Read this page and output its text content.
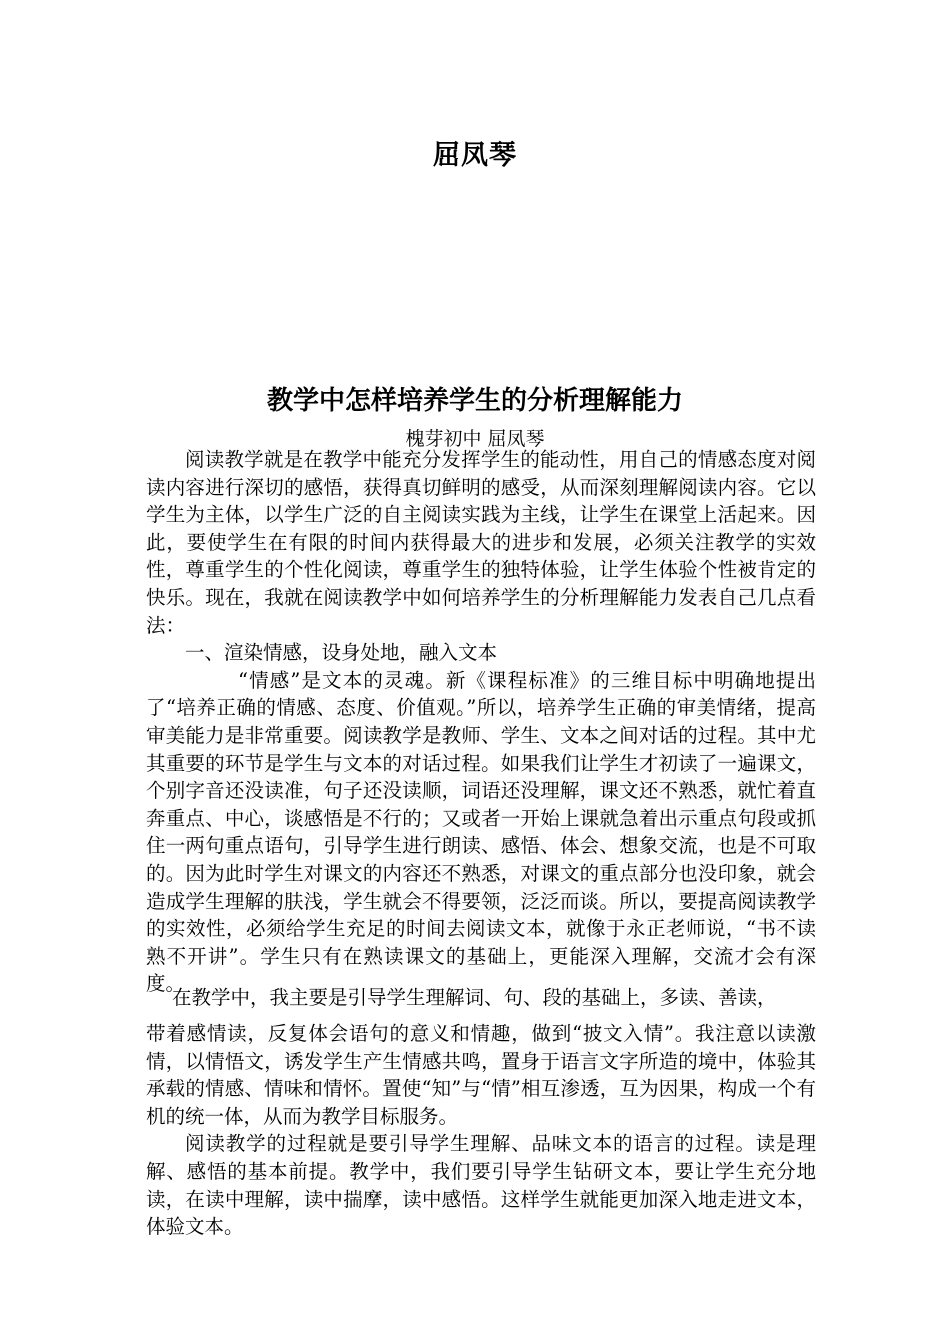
屈凤琴
教学中怎样培养学生的分析理解能力
槐芽初中 屈凤琴

阅读教学就是在教学中能充分发挥学生的能动性，用自己的情感态度对阅读内容进行深切的感悟，获得真切鲜明的感受，从而深刻理解阅读内容。它以学生为主体，以学生广泛的自主阅读实践为主线，让学生在课堂上活起来。因此，要使学生在有限的时间内获得最大的进步和发展，必须关注教学的实效性，尊重学生的个性化阅读，尊重学生的独特体验，让学生体验个性被肯定的快乐。现在，我就在阅读教学中如何培养学生的分析理解能力发表自己几点看法：

一、渲染情感，设身处地，融入文本

“情感”是文本的灵魂。新《课程标准》的三维目标中明确地提出了“培养正确的情感、态度、价值观。”所以，培养学生正确的审美情绪，提高审美能力是非常重要。阅读教学是教师、学生、文本之间对话的过程。其中尤其重要的环节是学生与文本的对话过程。如果我们让学生才初读了一遍课文，个别字音还没读准，句子还没读顺，词语还没理解，课文还不熟悉，就忙着直奔重点、中心，谈感悟是不行的；又或者一开始上课就急着出示重点句段或抓住一两句重点语句，引导学生进行朗读、感悟、体会、想象交流，也是不可取的。因为此时学生对课文的内容还不熟悉，对课文的重点部分也没印象，就会造成学生理解的肤浅，学生就会不得要领，泛泛而谈。所以，要提高阅读教学的实效性，必须给学生充足的时间去阅读文本，就像于永正老师说，“书不读熟不开讲”。学生只有在熟读课文的基础上，更能深入理解，交流才会有深度。

在教学中，我主要是引导学生理解词、句、段的基础上，多读、善读，

带着感情读，反复体会语句的意义和情趣，做到“披文入情”。我注意以读激情，以情悟文，诱发学生产生情感共鸣，置身于语言文字所造的境中，体验其承载的情感、情味和情怀。置使“知”与“情”相互渗透，互为因果，构成一个有机的统一体，从而为教学目标服务。

阅读教学的过程就是要引导学生理解、品味文本的语言的过程。读是理解、感悟的基本前提。教学中，我们要引导学生钻研文本，要让学生充分地读，在读中理解，读中揣摩，读中感悟。这样学生就能更加深入地走进文本，体验文本。
